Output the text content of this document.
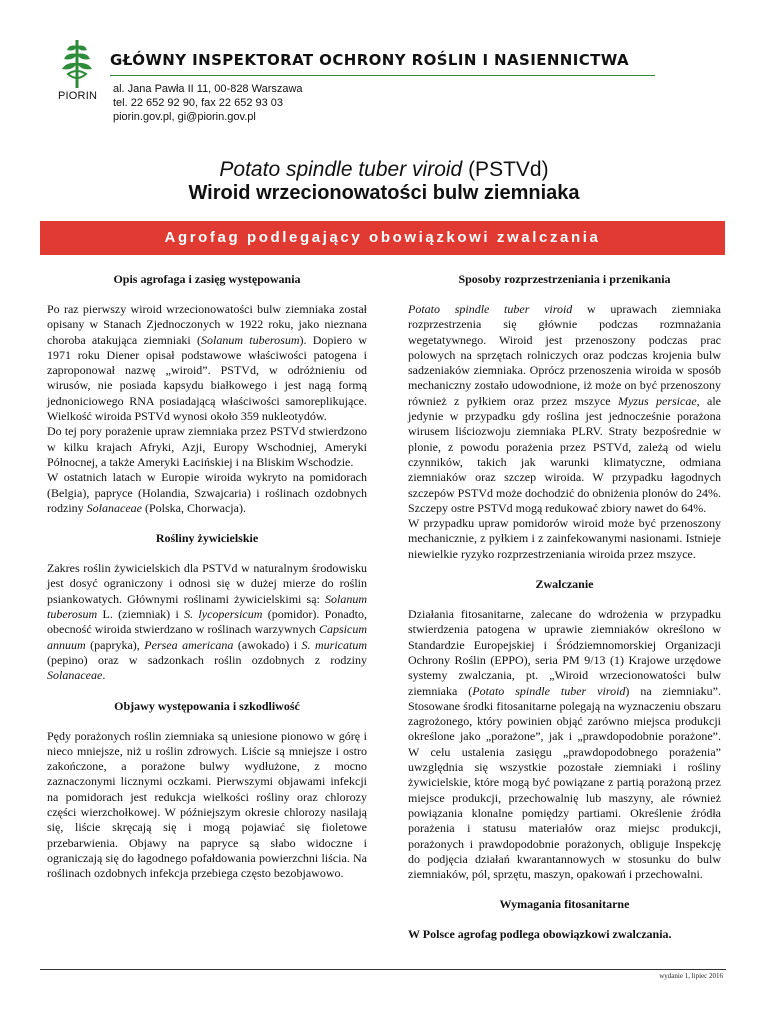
PIORIN
GŁÓWNY INSPEKTORAT OCHRONY ROŚLIN I NASIENNICTWA
al. Jana Pawła II 11, 00-828 Warszawa
tel. 22 652 92 90, fax 22 652 93 03
piorin.gov.pl, gi@piorin.gov.pl
Potato spindle tuber viroid (PSTVd)
Wiroid wrzecionowatości bulw ziemniaka
Agrofag podlegający obowiązkowi zwalczania
Opis agrofaga i zasięg występowania

Po raz pierwszy wiroid wrzecionowatości bulw ziemniaka został opisany w Stanach Zjednoczonych w 1922 roku, jako nieznana choroba atakująca ziemniaki (Solanum tuberosum). Dopiero w 1971 roku Diener opisał podstawowe właściwości patogena i zaproponował nazwę „wiroid”. PSTVd, w odróżnieniu od wirusów, nie posiada kapsydu białkowego i jest nagą formą jednoniciowego RNA posiadającą właściwości samoreplikujące. Wielkość wiroida PSTVd wynosi około 359 nukleotydów.

Do tej pory porażenie upraw ziemniaka przez PSTVd stwierdzono w kilku krajach Afryki, Azji, Europy Wschodniej, Ameryki Północnej, a także Ameryki Łacińskiej i na Bliskim Wschodzie.

W ostatnich latach w Europie wiroida wykryto na pomidorach (Belgia), papryce (Holandia, Szwajcaria) i roślinach ozdobnych rodziny Solanaceae (Polska, Chorwacja).

Rośliny żywicielskie

Zakres roślin żywicielskich dla PSTVd w naturalnym środowisku jest dosyć ograniczony i odnosi się w dużej mierze do roślin psiankowatych. Głównymi roślinami żywicielskimi są: Solanum tuberosum L. (ziemniak) i S. lycopersicum (pomidor). Ponadto, obecność wiroida stwierdzano w roślinach warzywnych Capsicum annuum (papryka), Persea americana (awokado) i S. muricatum (pepino) oraz w sadzonkach roślin ozdobnych z rodziny Solanaceae.

Objawy występowania i szkodliwość

Pędy porażonych roślin ziemniaka są uniesione pionowo w górę i nieco mniejsze, niż u roślin zdrowych. Liście są mniejsze i ostro zakończone, a porażone bulwy wydłużone, z mocno zaznaczonymi licznymi oczkami. Pierwszymi objawami infekcji na pomidorach jest redukcja wielkości rośliny oraz chlorozy części wierzchołkowej. W późniejszym okresie chlorozy nasilają się, liście skręcają się i mogą pojawiać się fioletowe przebarwienia. Objawy na papryce są słabo widoczne i ograniczają się do łagodnego pofałdowania powierzchni liścia. Na roślinach ozdobnych infekcja przebiega często bezobjawowo.

Sposoby rozprzestrzeniania i przenikania

Potato spindle tuber viroid w uprawach ziemniaka rozprzestrzenia się głównie podczas rozmnażania wegetatywnego. Wiroid jest przenoszony podczas prac polowych na sprzętach rolniczych oraz podczas krojenia bulw sadzeniaków ziemniaka. Oprócz przenoszenia wiroida w sposób mechaniczny zostało udowodnione, iż może on być przenoszony również z pyłkiem oraz przez mszyce Myzus persicae, ale jedynie w przypadku gdy roślina jest jednocześnie porażona wirusem liściozwoju ziemniaka PLRV. Straty bezpośrednie w plonie, z powodu porażenia przez PSTVd, zależą od wielu czynników, takich jak warunki klimatyczne, odmiana ziemniaków oraz szczep wiroida. W przypadku łagodnych szczepów PSTVd może dochodzić do obniżenia plonów do 24%. Szczepy ostre PSTVd mogą redukować zbiory nawet do 64%.

W przypadku upraw pomidorów wiroid może być przenoszony mechanicznie, z pyłkiem i z zainfekowanymi nasionami. Istnieje niewielkie ryzyko rozprzestrzeniania wiroida przez mszyce.

Zwalczanie

Działania fitosanitarne, zalecane do wdrożenia w przypadku stwierdzenia patogena w uprawie ziemniaków określono w Standardzie Europejskiej i Śródziemnomorskiej Organizacji Ochrony Roślin (EPPO), seria PM 9/13 (1) Krajowe urzędowe systemy zwalczania, pt. „Wiroid wrzecionowatości bulw ziemniaka (Potato spindle tuber viroid) na ziemniaku”. Stosowane środki fitosanitarne polegają na wyznaczeniu obszaru zagrożonego, który powinien objąć zarówno miejsca produkcji określone jako „porażone”, jak i „prawdopodobnie porażone”. W celu ustalenia zasięgu „prawdopodobnego porażenia” uwzględnia się wszystkie pozostałe ziemniaki i rośliny żywicielskie, które mogą być powiązane z partią porażoną przez miejsce produkcji, przechowalnię lub maszyny, ale również powiązania klonalne pomiędzy partiami. Określenie źródła porażenia i statusu materiałów oraz miejsc produkcji, porażonych i prawdopodobnie porażonych, obliguje Inspekcję do podjęcia działań kwarantannowych w stosunku do bulw ziemniaków, pól, sprzętu, maszyn, opakowań i przechowalni.

Wymagania fitosanitarne

W Polsce agrofag podlega obowiązkowi zwalczania.

wydanie 1, lipiec 2016
